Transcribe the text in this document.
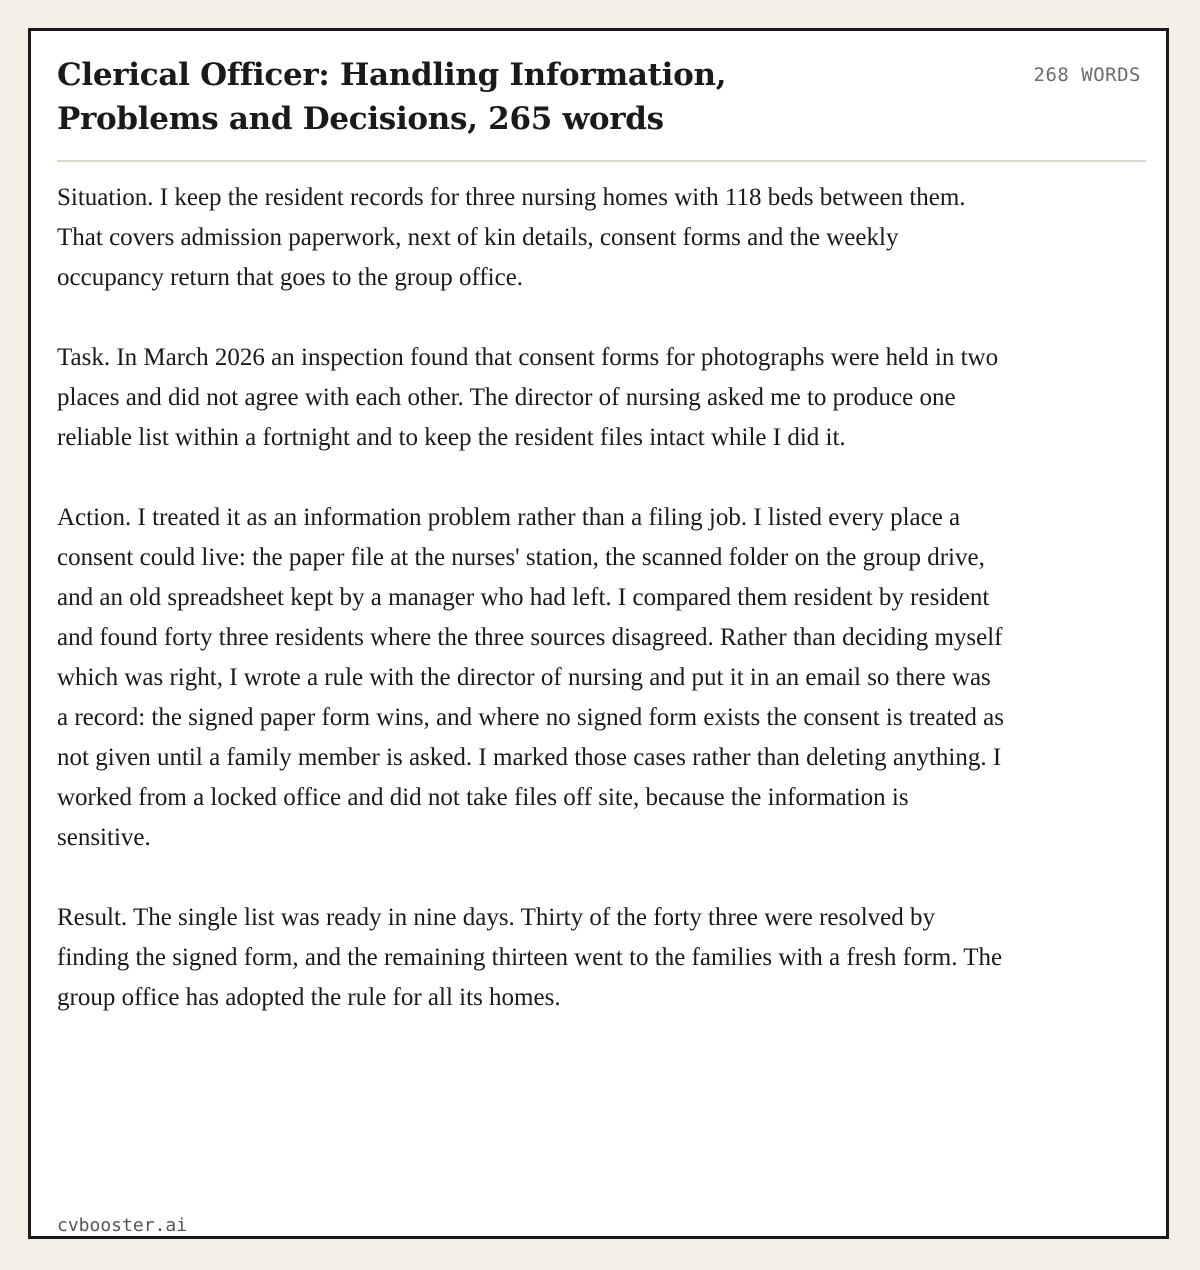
Clerical Officer: Handling Information, Problems and Decisions, 265 words
268 WORDS

Situation. I keep the resident records for three nursing homes with 118 beds between them. That covers admission paperwork, next of kin details, consent forms and the weekly occupancy return that goes to the group office.

Task. In March 2026 an inspection found that consent forms for photographs were held in two places and did not agree with each other. The director of nursing asked me to produce one reliable list within a fortnight and to keep the resident files intact while I did it.

Action. I treated it as an information problem rather than a filing job. I listed every place a consent could live: the paper file at the nurses' station, the scanned folder on the group drive, and an old spreadsheet kept by a manager who had left. I compared them resident by resident and found forty three residents where the three sources disagreed. Rather than deciding myself which was right, I wrote a rule with the director of nursing and put it in an email so there was a record: the signed paper form wins, and where no signed form exists the consent is treated as not given until a family member is asked. I marked those cases rather than deleting anything. I worked from a locked office and did not take files off site, because the information is sensitive.

Result. The single list was ready in nine days. Thirty of the forty three were resolved by finding the signed form, and the remaining thirteen went to the families with a fresh form. The group office has adopted the rule for all its homes.

cvbooster.ai
